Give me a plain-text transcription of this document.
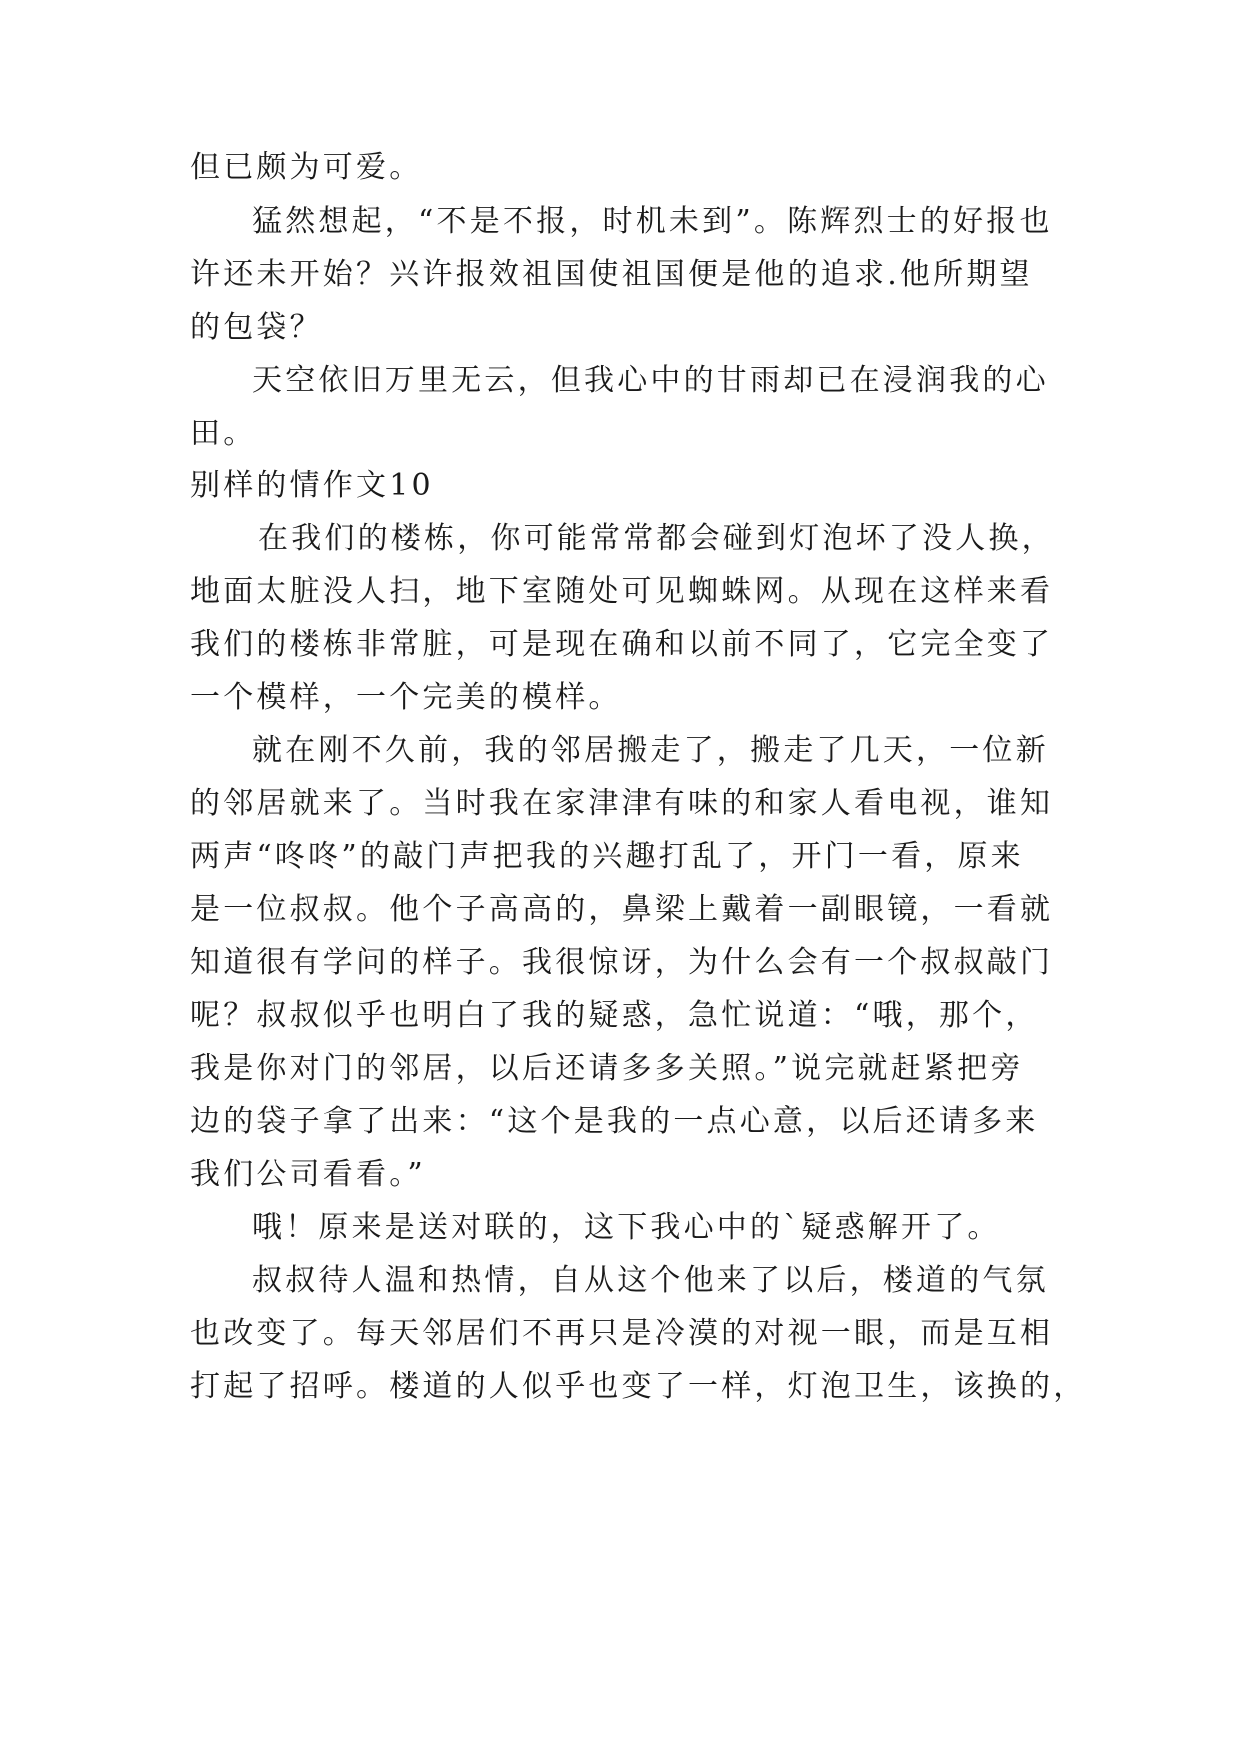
但已颇为可爱。
猛然想起，“不是不报，时机未到”。陈辉烈士的好报也
许还未开始？兴许报效祖国使祖国便是他的追求.他所期望
的包袋？
天空依旧万里无云，但我心中的甘雨却已在浸润我的心
田。
别样的情作文10
在我们的楼栋，你可能常常都会碰到灯泡坏了没人换，
地面太脏没人扫，地下室随处可见蜘蛛网。从现在这样来看
我们的楼栋非常脏，可是现在确和以前不同了，它完全变了
一个模样，一个完美的模样。
就在刚不久前，我的邻居搬走了，搬走了几天，一位新
的邻居就来了。当时我在家津津有味的和家人看电视，谁知
两声“咚咚”的敲门声把我的兴趣打乱了，开门一看，原来
是一位叔叔。他个子高高的，鼻梁上戴着一副眼镜，一看就
知道很有学问的样子。我很惊讶，为什么会有一个叔叔敲门
呢？叔叔似乎也明白了我的疑惑，急忙说道：“哦，那个，
我是你对门的邻居，以后还请多多关照。”说完就赶紧把旁
边的袋子拿了出来：“这个是我的一点心意，以后还请多来
我们公司看看。”
哦！原来是送对联的，这下我心中的`疑惑解开了。
叔叔待人温和热情，自从这个他来了以后，楼道的气氛
也改变了。每天邻居们不再只是冷漠的对视一眼，而是互相
打起了招呼。楼道的人似乎也变了一样，灯泡卫生，该换的，
